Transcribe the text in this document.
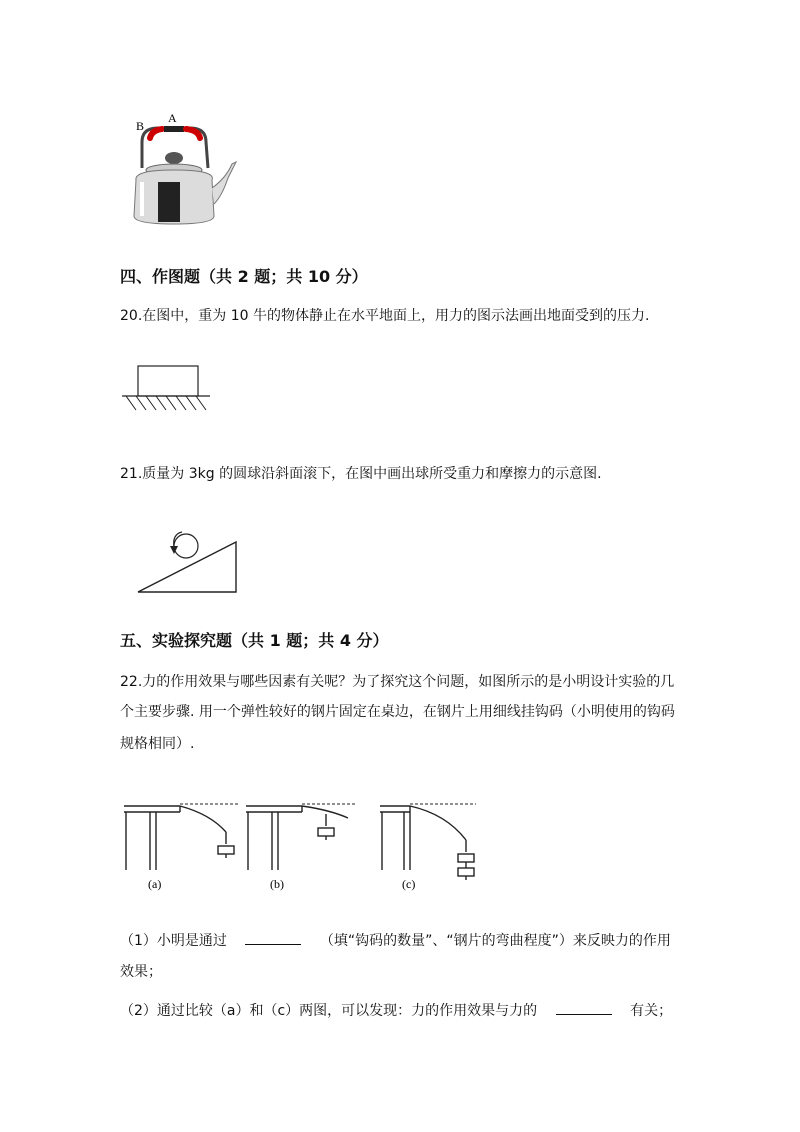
B
A
四、作图题（共 2 题；共 10 分）
20.在图中，重为 10 牛的物体静止在水平地面上，用力的图示法画出地面受到的压力.
21.质量为 3kg 的圆球沿斜面滚下，在图中画出球所受重力和摩擦力的示意图.
五、实验探究题（共 1 题；共 4 分）
22.力的作用效果与哪些因素有关呢？为了探究这个问题，如图所示的是小明设计实验的几
个主要步骤. 用一个弹性较好的钢片固定在桌边，在钢片上用细线挂钩码（小明使用的钩码
规格相同）.
(a)	(b)	(c)
（1）小明是通过	（填“钩码的数量”、“钢片的弯曲程度”）来反映力的作用
效果；
（2）通过比较（a）和（c）两图，可以发现：力的作用效果与力的	有关；
